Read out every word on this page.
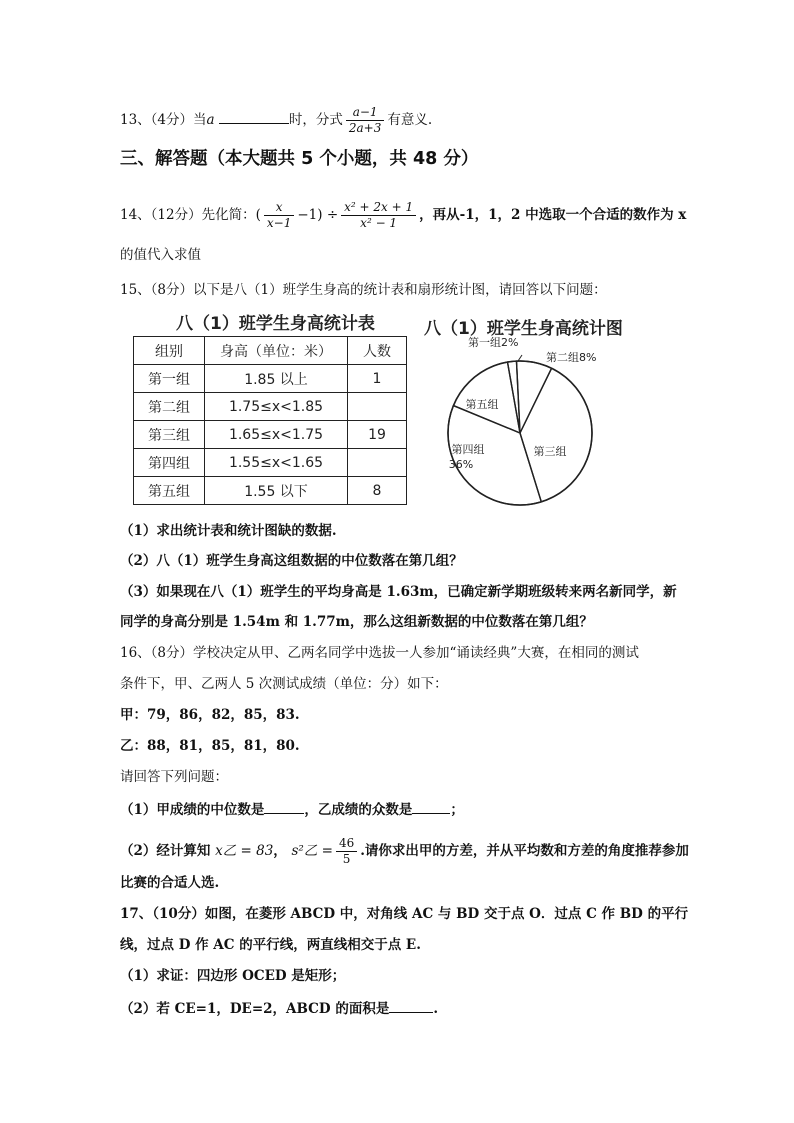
13、（4分）当a	时，分式 $\frac{a-1}{2a+3}$ 有意义.
三、解答题（本大题共 5 个小题，共 48 分）
14、（12分）先化简：( $\frac{x}{x-1} -1) \div \frac{\text{x² + 2x + 1}}{\text{x² − 1}}$ ，再从-1，1，2 中选取一个合适的数作为 x
的值代入求值
15、（8分）以下是八（1）班学生身高的统计表和扇形统计图，请回答以下问题：
八（1）班学生身高统计表
组别	身高（单位：米）	人数
第一组	1.85 以上	1
第二组	1.75≤x<1.85	
第三组	1.65≤x<1.75	19
第四组	1.55≤x<1.65	
第五组	1.55 以下	8
八（1）班学生身高统计图
第一组2%
第二组8%
第三组
第四组
36%
第五组
（1）求出统计表和统计图缺的数据.
（2）八（1）班学生身高这组数据的中位数落在第几组？
（3）如果现在八（1）班学生的平均身高是 1.63m，已确定新学期班级转来两名新同学，新
同学的身高分别是 1.54m 和 1.77m，那么这组新数据的中位数落在第几组？
16、（8分）学校决定从甲、乙两名同学中选拔一人参加“诵读经典”大赛，在相同的测试
条件下，甲、乙两人 5 次测试成绩（单位：分）如下：
甲：79，86，82，85，83.
乙：88，81，85，81，80.
请回答下列问题：
（1）甲成绩的中位数是	，乙成绩的众数是	；
（2）经计算知 x乙 = 83， s²乙 = $\frac{46}{5}$ .请你求出甲的方差，并从平均数和方差的角度推荐参加
比赛的合适人选.
17、（10分）如图，在菱形 ABCD 中，对角线 AC 与 BD 交于点 O．过点 C 作 BD 的平行
线，过点 D 作 AC 的平行线，两直线相交于点 E.
（1）求证：四边形 OCED 是矩形；
（2）若 CE=1，DE=2，ABCD 的面积是	.
